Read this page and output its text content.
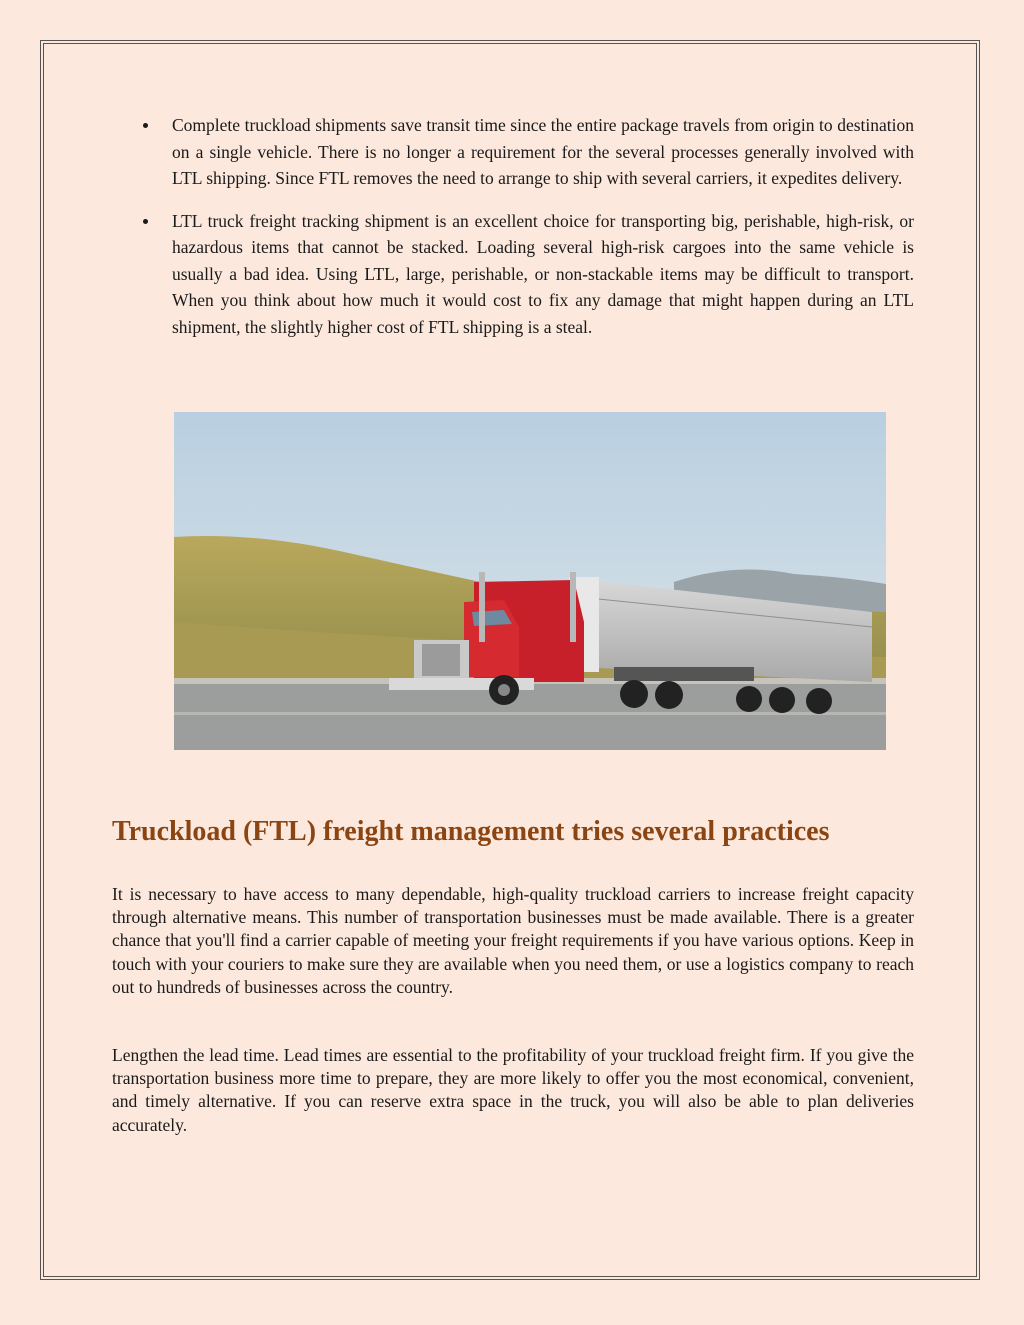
Complete truckload shipments save transit time since the entire package travels from origin to destination on a single vehicle. There is no longer a requirement for the several processes generally involved with LTL shipping. Since FTL removes the need to arrange to ship with several carriers, it expedites delivery.
LTL truck freight tracking shipment is an excellent choice for transporting big, perishable, high-risk, or hazardous items that cannot be stacked. Loading several high-risk cargoes into the same vehicle is usually a bad idea. Using LTL, large, perishable, or non-stackable items may be difficult to transport. When you think about how much it would cost to fix any damage that might happen during an LTL shipment, the slightly higher cost of FTL shipping is a steal.
Truckload (FTL) freight management tries several practices

It is necessary to have access to many dependable, high-quality truckload carriers to increase freight capacity through alternative means. This number of transportation businesses must be made available. There is a greater chance that you'll find a carrier capable of meeting your freight requirements if you have various options. Keep in touch with your couriers to make sure they are available when you need them, or use a logistics company to reach out to hundreds of businesses across the country.

Lengthen the lead time. Lead times are essential to the profitability of your truckload freight firm. If you give the transportation business more time to prepare, they are more likely to offer you the most economical, convenient, and timely alternative. If you can reserve extra space in the truck, you will also be able to plan deliveries accurately.
